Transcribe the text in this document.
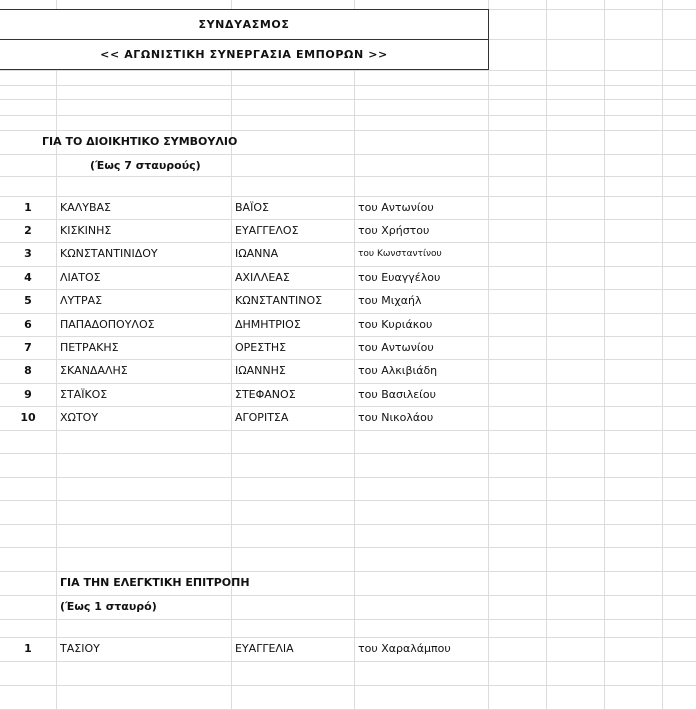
ΣΥΝΔΥΑΣΜΟΣ
<< ΑΓΩΝΙΣΤΙΚΗ ΣΥΝΕΡΓΑΣΙΑ ΕΜΠΟΡΩΝ >>
ΓΙΑ ΤΟ ΔΙΟΙΚΗΤΙΚΟ ΣΥΜΒΟΥΛΙΟ
(Έως 7 σταυρούς)
1	ΚΑΛΥΒΑΣ	ΒΑΪΟΣ	του Αντωνίου
2	ΚΙΣΚΙΝΗΣ	ΕΥΑΓΓΕΛΟΣ	του Χρήστου
3	ΚΩΝΣΤΑΝΤΙΝΙΔΟΥ	ΙΩΑΝΝΑ	του Κωνσταντίνου
4	ΛΙΑΤΟΣ	ΑΧΙΛΛΕΑΣ	του Ευαγγέλου
5	ΛΥΤΡΑΣ	ΚΩΝΣΤΑΝΤΙΝΟΣ	του Μιχαήλ
6	ΠΑΠΑΔΟΠΟΥΛΟΣ	ΔΗΜΗΤΡΙΟΣ	του Κυριάκου
7	ΠΕΤΡΑΚΗΣ	ΟΡΕΣΤΗΣ	του Αντωνίου
8	ΣΚΑΝΔΑΛΗΣ	ΙΩΑΝΝΗΣ	του Αλκιβιάδη
9	ΣΤΑΪΚΟΣ	ΣΤΕΦΑΝΟΣ	του Βασιλείου
10	ΧΩΤΟΥ	ΑΓΟΡΙΤΣΑ	του Νικολάου
ΓΙΑ ΤΗΝ ΕΛΕΓΚΤΙΚΗ ΕΠΙΤΡΟΠΗ
(Έως 1 σταυρό)
1	ΤΑΣΙΟΥ	ΕΥΑΓΓΕΛΙΑ	του Χαραλάμπου
